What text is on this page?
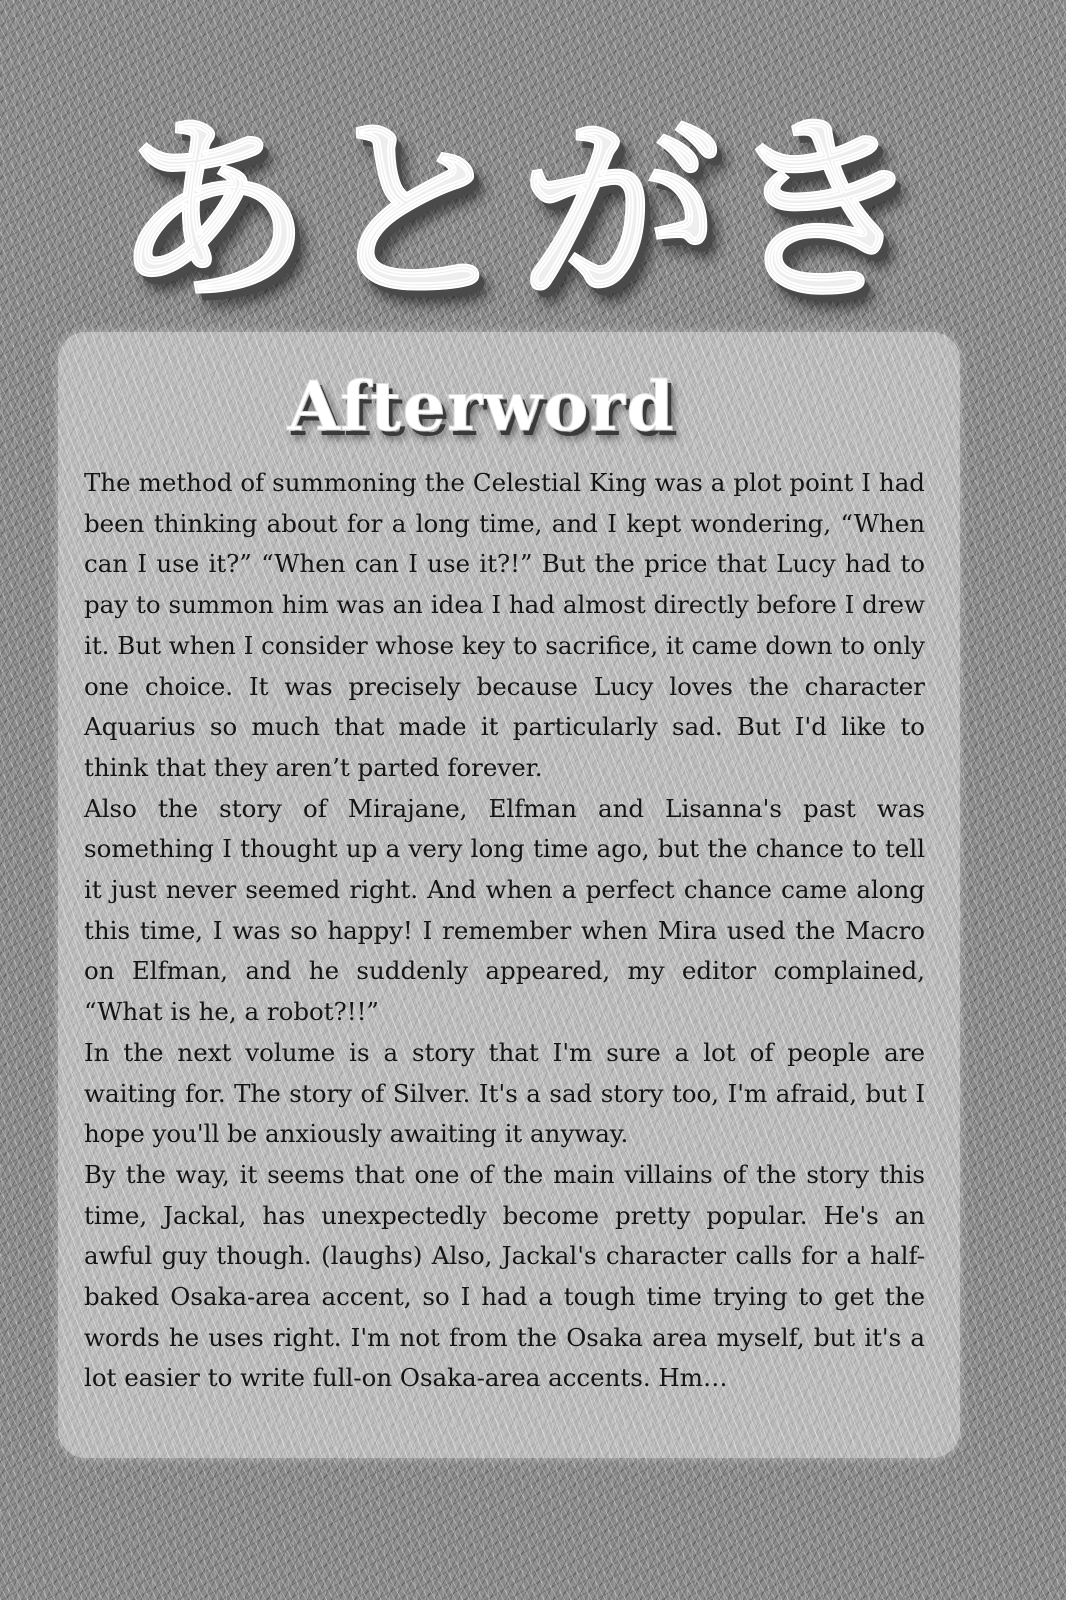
あとがき
Afterword

The method of summoning the Celestial King was a plot point I had been thinking about for a long time, and I kept wondering, “When can I use it?” “When can I use it?!” But the price that Lucy had to pay to summon him was an idea I had almost directly before I drew it. But when I consider whose key to sacrifice, it came down to only one choice. It was precisely because Lucy loves the character Aquarius so much that made it particularly sad. But I'd like to think that they aren’t parted forever.

Also the story of Mirajane, Elfman and Lisanna's past was something I thought up a very long time ago, but the chance to tell it just never seemed right. And when a perfect chance came along this time, I was so happy! I remember when Mira used the Macro on Elfman, and he suddenly appeared, my editor complained, “What is he, a robot?!!”

In the next volume is a story that I'm sure a lot of people are waiting for. The story of Silver. It's a sad story too, I'm afraid, but I hope you'll be anxiously awaiting it anyway.

By the way, it seems that one of the main villains of the story this time, Jackal, has unexpectedly become pretty popular. He's an awful guy though. (laughs) Also, Jackal's character calls for a half-baked Osaka-area accent, so I had a tough time trying to get the words he uses right. I'm not from the Osaka area myself, but it's a lot easier to write full-on Osaka-area accents. Hm…
